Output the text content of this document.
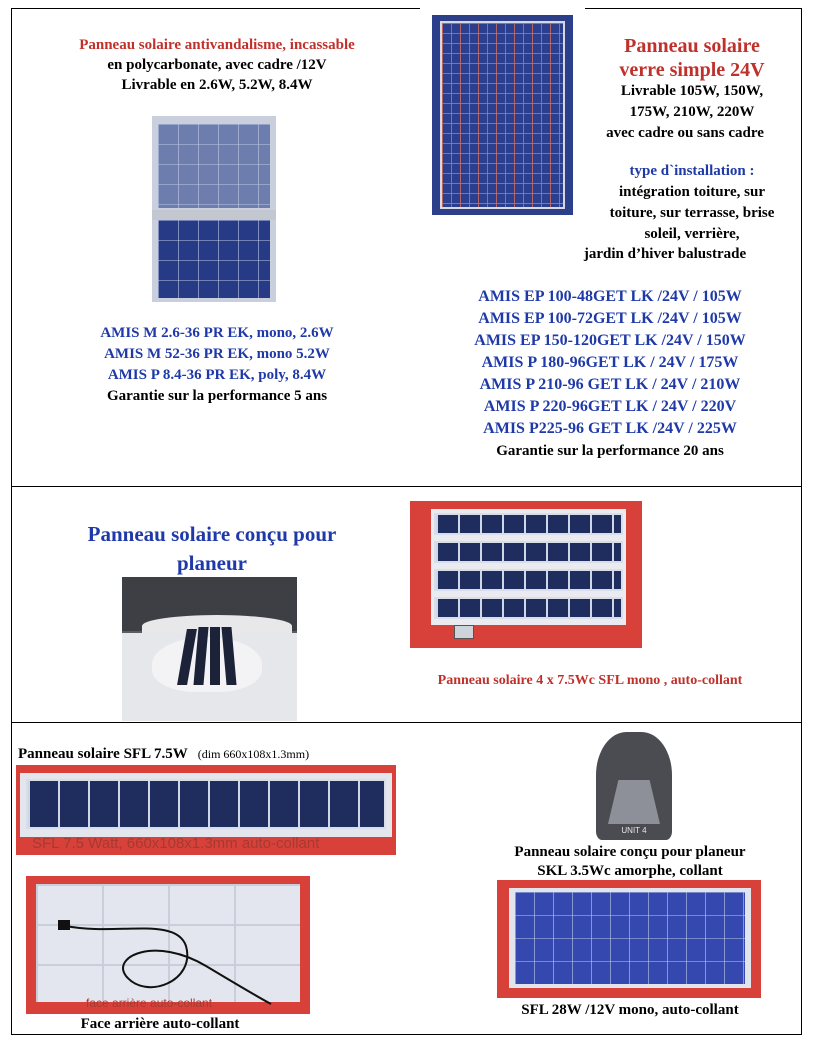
Panneau solaire antivandalisme, incassable
en polycarbonate, avec cadre /12V
Livrable en 2.6W, 5.2W, 8.4W
AMIS M 2.6-36 PR EK, mono, 2.6W
AMIS M 52-36 PR EK, mono 5.2W
AMIS P 8.4-36 PR EK, poly, 8.4W
Garantie sur la performance 5 ans
Panneau solaire
verre simple 24V
Livrable 105W, 150W,
175W, 210W, 220W
avec cadre ou sans cadre
type d`installation :
intégration toiture, sur
toiture, sur terrasse, brise
soleil, verrière,
jardin d’hiver balustrade
AMIS EP 100-48GET LK /24V / 105W
AMIS EP 100-72GET LK /24V / 105W
AMIS EP 150-120GET LK /24V / 150W
AMIS P 180-96GET LK / 24V / 175W
AMIS P 210-96 GET LK / 24V / 210W
AMIS P 220-96GET LK / 24V / 220V
AMIS P225-96 GET LK /24V / 225W
Garantie sur la performance 20 ans
Panneau solaire conçu pour
planeur
Panneau solaire 4 x 7.5Wc SFL mono , auto-collant
Panneau solaire SFL 7.5W (dim 660x108x1.3mm)
SFL 7.5 Watt, 660x108x1.3mm auto-collant
UNIT 4
Panneau solaire conçu pour planeur
SKL 3.5Wc amorphe, collant
face arrière auto-collant
Face arrière auto-collant
SFL 28W /12V mono, auto-collant
